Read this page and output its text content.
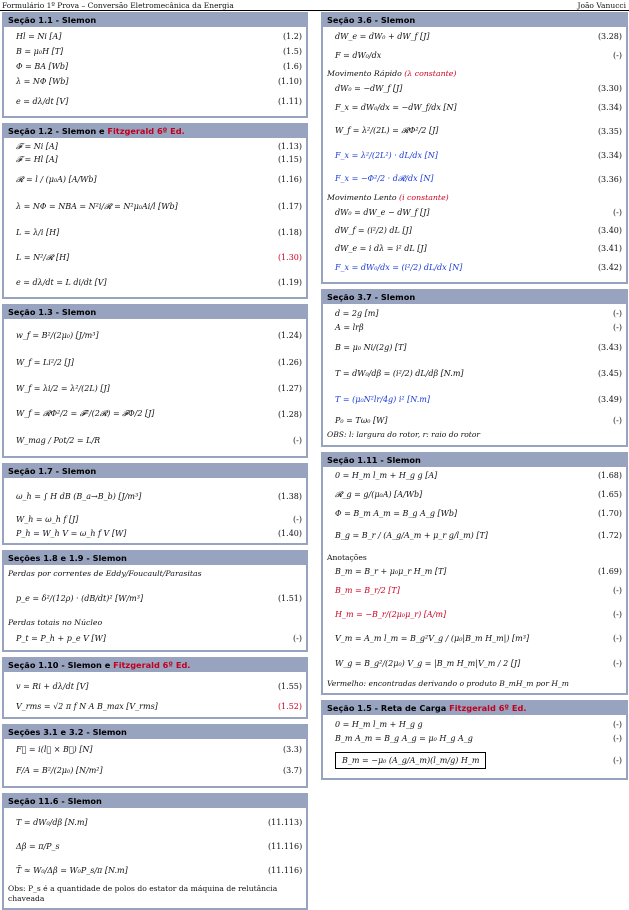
Formulário 1º Prova – Conversão Eletromecânica da Energia	João Vanucci
Seção 1.1 - Slemon
Hl = Ni [A]	(1.2)
B = μ₀H [T]	(1.5)
Φ = BA [Wb]	(1.6)
λ = NΦ [Wb]	(1.10)
e = dλ/dt [V]	(1.11)
Seção 1.2 - Slemon e Fitzgerald 6º Ed.
𝓕 = Ni [A]	(1.13)
𝓕 = Hl [A]	(1.15)
𝓡 = l / (μ₀A) [A/Wb]	(1.16)
λ = NΦ = NBA = N²i/𝓡 = N²μ₀Ai/l [Wb]	(1.17)
L = λ/i [H]	(1.18)
L = N²/𝓡 [H]	(1.30)
e = dλ/dt = L di/dt [V]	(1.19)
Seção 1.3 - Slemon
w_f = B²/(2μ₀) [J/m³]	(1.24)
W_f = Li²/2 [J]	(1.26)
W_f = λi/2 = λ²/(2L) [J]	(1.27)
W_f = 𝓡Φ²/2 = 𝓕²/(2𝓡) = 𝓕Φ/2 [J]	(1.28)
W_mag / Pot/2 = L/R	(-)
Seção 1.7 - Slemon
ω_h = ∫ H dB (B_a→B_b) [J/m³]	(1.38)
W_h = ω_h f [J]	(-)
P_h = W_h V = ω_h f V [W]	(1.40)
Seções 1.8 e 1.9 - Slemon
Perdas por correntes de Eddy/Foucault/Parasitas
p_e = δ²/(12ρ) · (dB/dt)² [W/m³]	(1.51)
Perdas totais no Núcleo
P_t = P_h + p_e V [W]	(-)
Seção 1.10 - Slemon e Fitzgerald 6º Ed.
v = Ri + dλ/dt [V]	(1.55)
V_rms = √2 π f N A B_max [V_rms]	(1.52)
Seções 3.1 e 3.2 - Slemon
F⃗ = i(l⃗ × B⃗) [N]	(3.3)
F/A = B²/(2μ₀) [N/m²]	(3.7)
Seção 11.6 - Slemon
T = dW₀/dβ [N.m]	(11.113)
Δβ = π/P_s	(11.116)
T̄ ≈ W₀/Δβ = W₀P_s/π [N.m]	(11.116)
Obs: P_s é a quantidade de polos do estator da máquina de relutância chaveada
Seção 3.6 - Slemon
dW_e = dW₀ + dW_f [J]	(3.28)
F = dW₀/dx	(-)
Movimento Rápido (λ constante)
dW₀ = −dW_f [J]	(3.30)
F_x = dW₀/dx = −dW_f/dx [N]	(3.34)
W_f = λ²/(2L) = 𝓡Φ²/2 [J]	(3.35)
F_x = λ²/(2L²) · dL/dx [N]	(3.34)
F_x = −Φ²/2 · d𝓡/dx [N]	(3.36)
Movimento Lento (i constante)
dW₀ = dW_e − dW_f [J]	(-)
dW_f = (i²/2) dL [J]	(3.40)
dW_e = i dλ = i² dL [J]	(3.41)
F_x = dW₀/dx = (i²/2) dL/dx [N]	(3.42)
Seção 3.7 - Slemon
d = 2g [m]	(-)
A = lrβ	(-)
B = μ₀ Ni/(2g) [T]	(3.43)
T = dW₀/dβ = (i²/2) dL/dβ [N.m]	(3.45)
T = (μ₀N²lr/4g) i² [N.m]	(3.49)
P₀ = Tω₀ [W]	(-)
OBS: l: largura do rotor, r: raio do rotor
Seção 1.11 - Slemon
0 = H_m l_m + H_g g [A]	(1.68)
𝓡_g = g/(μ₀A) [A/Wb]	(1.65)
Φ = B_m A_m = B_g A_g [Wb]	(1.70)
B_g = B_r / (A_g/A_m + μ_r g/l_m) [T]	(1.72)
Anotações
B_m = B_r + μ₀μ_r H_m [T]	(1.69)
B_m = B_r/2 [T]	(-)
H_m = −B_r/(2μ₀μ_r) [A/m]	(-)
V_m = A_m l_m = B_g²V_g / (μ₀|B_m H_m|) [m³]	(-)
W_g = B_g²/(2μ₀) V_g = |B_m H_m|V_m / 2 [J]	(-)
Vermelho: encontradas derivando o produto B_mH_m por H_m
Seção 1.5 - Reta de Carga Fitzgerald 6º Ed.
0 = H_m l_m + H_g g	(-)
B_m A_m = B_g A_g = μ₀ H_g A_g	(-)
B_m = −μ₀ (A_g/A_m)(l_m/g) H_m	(-)
